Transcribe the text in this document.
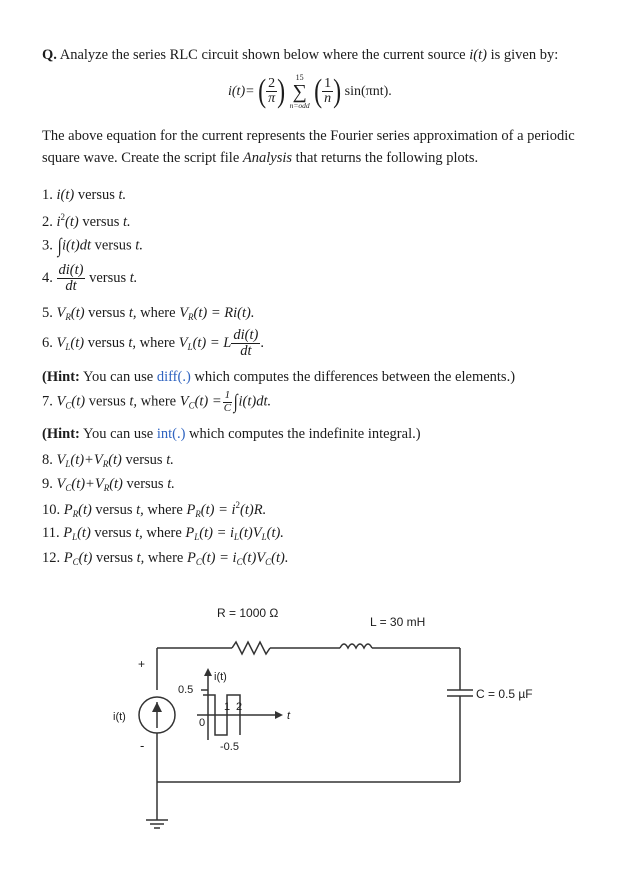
Q. Analyze the series RLC circuit shown below where the current source i(t) is given by:
i(t)= ( $\frac{2}{\pi}$ ) 15
∑
n=odd ( $\frac{1}{n}$ ) sin(πnt).
The above equation for the current represents the Fourier series approximation of a periodic
square wave. Create the script file Analysis that returns the following plots.
1. i(t) versus t.
2. $i^2(t)$ versus t.
3. ∫i(t)dt versus t.
4. $\frac{di(t)}{dt}$ versus t.
5. $V_R(t)$ versus t, where $V_R(t) = Ri(t)$.
6. $V_L(t)$ versus t, where $V_L(t) = L \frac{di(t)}{dt}$ .
(Hint: You can use diff(.) which computes the differences between the elements.)
7. $V_C(t)$ versus t, where $V_C(t) = \frac{1}{C} \int i(t)dt$.
(Hint: You can use int(.) which computes the indefinite integral.)
8. $V_L(t)+V_R(t)$ versus t.
9. $V_C(t)+V_R(t)$ versus t.
10. $P_R(t)$ versus t, where $P_R(t) = i^2(t)R$.
11. $P_L(t)$ versus t, where $P_L(t) = i_L(t)V_L(t)$.
12. $P_C(t)$ versus t, where $P_C(t) = i_C(t)V_C(t)$.
R = 1000 Ω
L = 30 mH
C = 0.5 µF
i(t)
+
-
i(t)
0.5
-0.5
0
1 2
t
